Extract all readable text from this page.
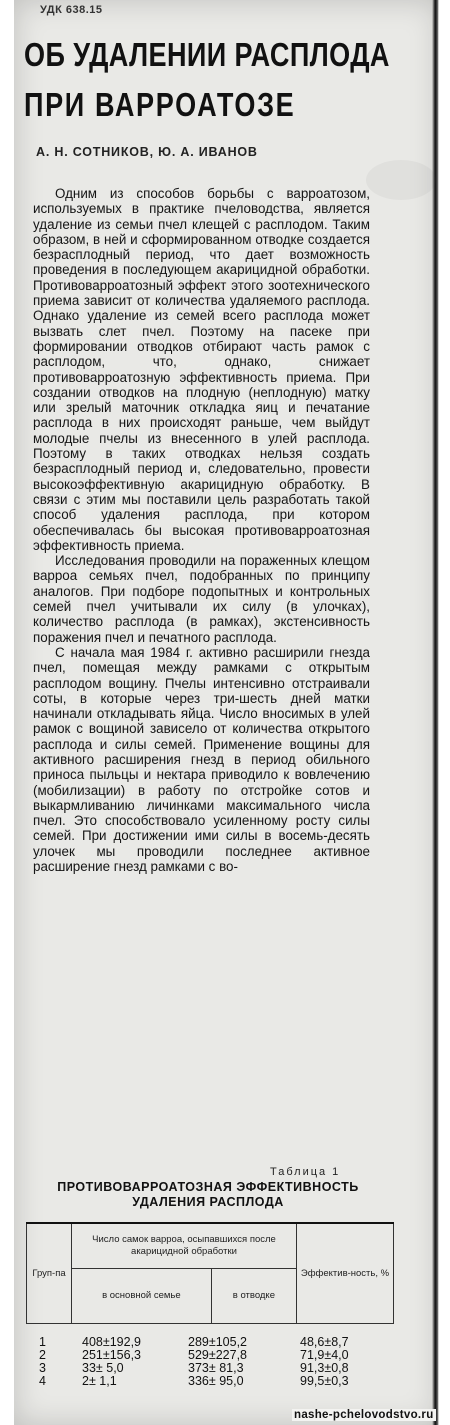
УДК 638.15
ОБ УДАЛЕНИИ РАСПЛОДА
ПРИ ВАРРОАТОЗЕ
А. Н. СОТНИКОВ, Ю. А. ИВАНОВ

Одним из способов борьбы с варроатозом, используемых в практике пчеловодства, является удаление из семьи пчел клещей с расплодом. Таким образом, в ней и сформированном отводке создается безрасплодный период, что дает возможность проведения в последующем акарицидной обработки. Противоварроатозный эффект этого зоотехнического приема зависит от количества удаляемого расплода. Однако удаление из семей всего расплода может вызвать слет пчел. Поэтому на пасеке при формировании отводков отбирают часть рамок с расплодом, что, однако, снижает противоварроатозную эффективность приема. При создании отводков на плодную (неплодную) матку или зрелый маточник откладка яиц и печатание расплода в них происходят раньше, чем выйдут молодые пчелы из внесенного в улей расплода. Поэтому в таких отводках нельзя создать безрасплодный период и, следовательно, провести высокоэффективную акарицидную обработку. В связи с этим мы поставили цель разработать такой способ удаления расплода, при котором обеспечивалась бы высокая противоварроатозная эффективность приема.

Исследования проводили на пораженных клещом варроа семьях пчел, подобранных по принципу аналогов. При подборе подопытных и контрольных семей пчел учитывали их силу (в улочках), количество расплода (в рамках), экстенсивность поражения пчел и печатного расплода.

С начала мая 1984 г. активно расширили гнезда пчел, помещая между рамками с открытым расплодом вощину. Пчелы интенсивно отстраивали соты, в которые через три-шесть дней матки начинали откладывать яйца. Число вносимых в улей рамок с вощиной зависело от количества открытого расплода и силы семей. Применение вощины для активного расширения гнезд в период обильного приноса пыльцы и нектара приводило к вовлечению (мобилизации) в работу по отстройке сотов и выкармливанию личинками максимального числа пчел. Это способствовало усиленному росту силы семей. При достижении ими силы в восемь-десять улочек мы проводили последнее активное расширение гнезд рамками с во-

Таблица 1
ПРОТИВОВАРРОАТОЗНАЯ ЭФФЕКТИВНОСТЬ
УДАЛЕНИЯ РАСПЛОДА
Груп-па	Число самок варроа, осыпавшихся после акарицидной обработки		Эффектив-ность, %
	в основной семье	в отводке	
1	408±192,9	289±105,2	48,6±8,7
2	251±156,3	529±227,8	71,9±4,0
3	33± 5,0	373± 81,3	91,3±0,8
4	2± 1,1	336± 95,0	99,5±0,3
nashe-pchelovodstvo.ru
